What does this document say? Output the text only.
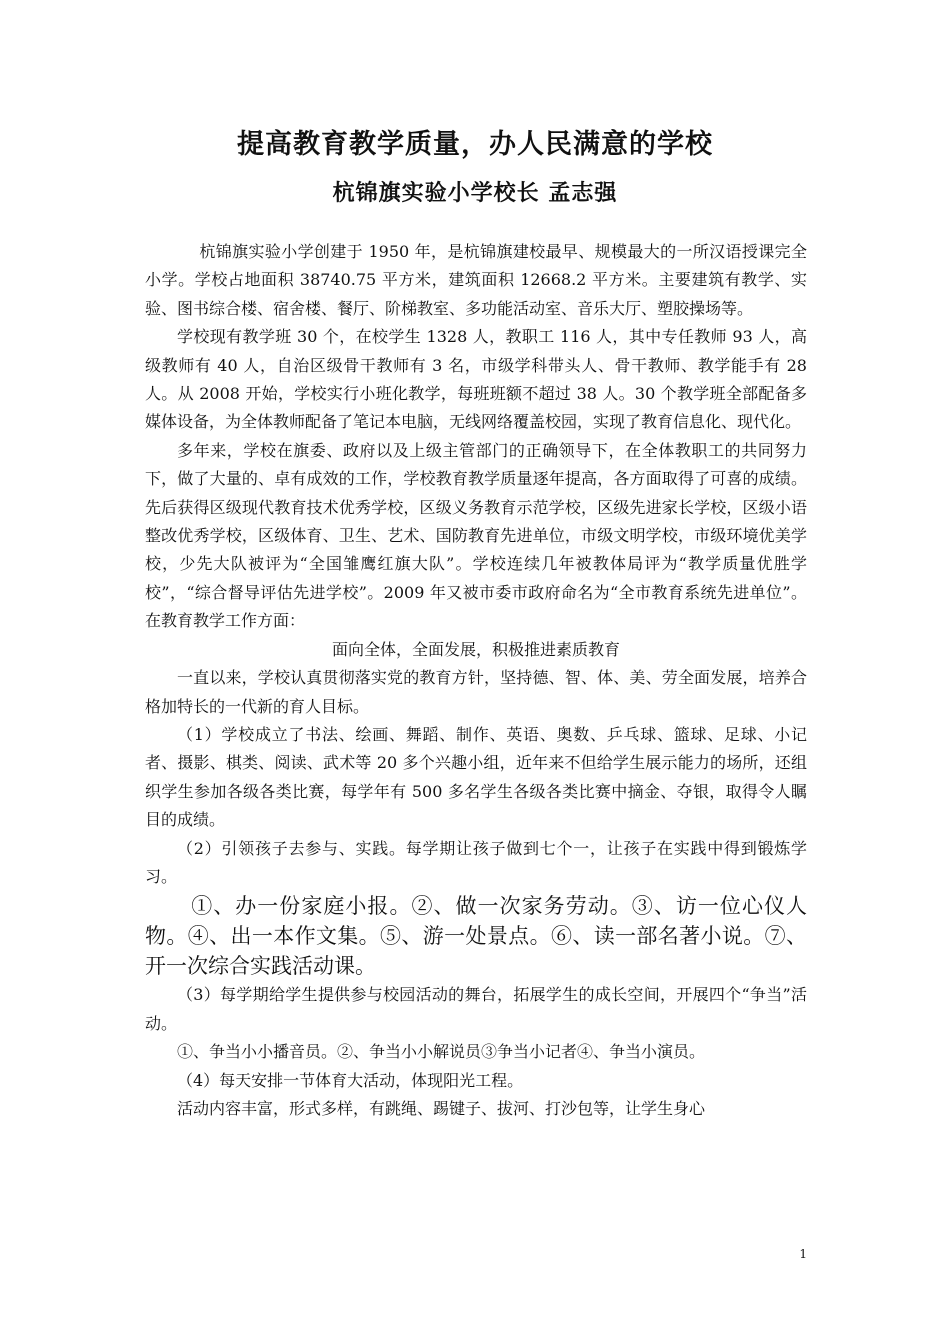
提高教育教学质量，办人民满意的学校
杭锦旗实验小学校长 孟志强

杭锦旗实验小学创建于 1950 年，是杭锦旗建校最早、规模最大的一所汉语授课完全小学。学校占地面积 38740.75 平方米，建筑面积 12668.2 平方米。主要建筑有教学、实验、图书综合楼、宿舍楼、餐厅、阶梯教室、多功能活动室、音乐大厅、塑胶操场等。

学校现有教学班 30 个，在校学生 1328 人，教职工 116 人，其中专任教师 93 人，高级教师有 40 人，自治区级骨干教师有 3 名，市级学科带头人、骨干教师、教学能手有 28 人。从 2008 开始，学校实行小班化教学，每班班额不超过 38 人。30 个教学班全部配备多媒体设备，为全体教师配备了笔记本电脑，无线网络覆盖校园，实现了教育信息化、现代化。

多年来，学校在旗委、政府以及上级主管部门的正确领导下，在全体教职工的共同努力下，做了大量的、卓有成效的工作，学校教育教学质量逐年提高，各方面取得了可喜的成绩。先后获得区级现代教育技术优秀学校，区级义务教育示范学校，区级先进家长学校，区级小语整改优秀学校，区级体育、卫生、艺术、国防教育先进单位，市级文明学校，市级环境优美学校，少先大队被评为“全国雏鹰红旗大队”。学校连续几年被教体局评为“教学质量优胜学校”，“综合督导评估先进学校”。2009 年又被市委市政府命名为“全市教育系统先进单位”。在教育教学工作方面：

面向全体，全面发展，积极推进素质教育

一直以来，学校认真贯彻落实党的教育方针，坚持德、智、体、美、劳全面发展，培养合格加特长的一代新的育人目标。

（1）学校成立了书法、绘画、舞蹈、制作、英语、奥数、乒乓球、篮球、足球、小记者、摄影、棋类、阅读、武术等 20 多个兴趣小组，近年来不但给学生展示能力的场所，还组织学生参加各级各类比赛，每学年有 500 多名学生各级各类比赛中摘金、夺银，取得令人瞩目的成绩。

（2）引领孩子去参与、实践。每学期让孩子做到七个一，让孩子在实践中得到锻炼学习。

①、办一份家庭小报。②、做一次家务劳动。③、访一位心仪人物。④、出一本作文集。⑤、游一处景点。⑥、读一部名著小说。⑦、开一次综合实践活动课。

（3）每学期给学生提供参与校园活动的舞台，拓展学生的成长空间，开展四个“争当”活动。

①、争当小小播音员。②、争当小小解说员③争当小记者④、争当小演员。

（4）每天安排一节体育大活动，体现阳光工程。

活动内容丰富，形式多样，有跳绳、踢键子、拔河、打沙包等，让学生身心

1
